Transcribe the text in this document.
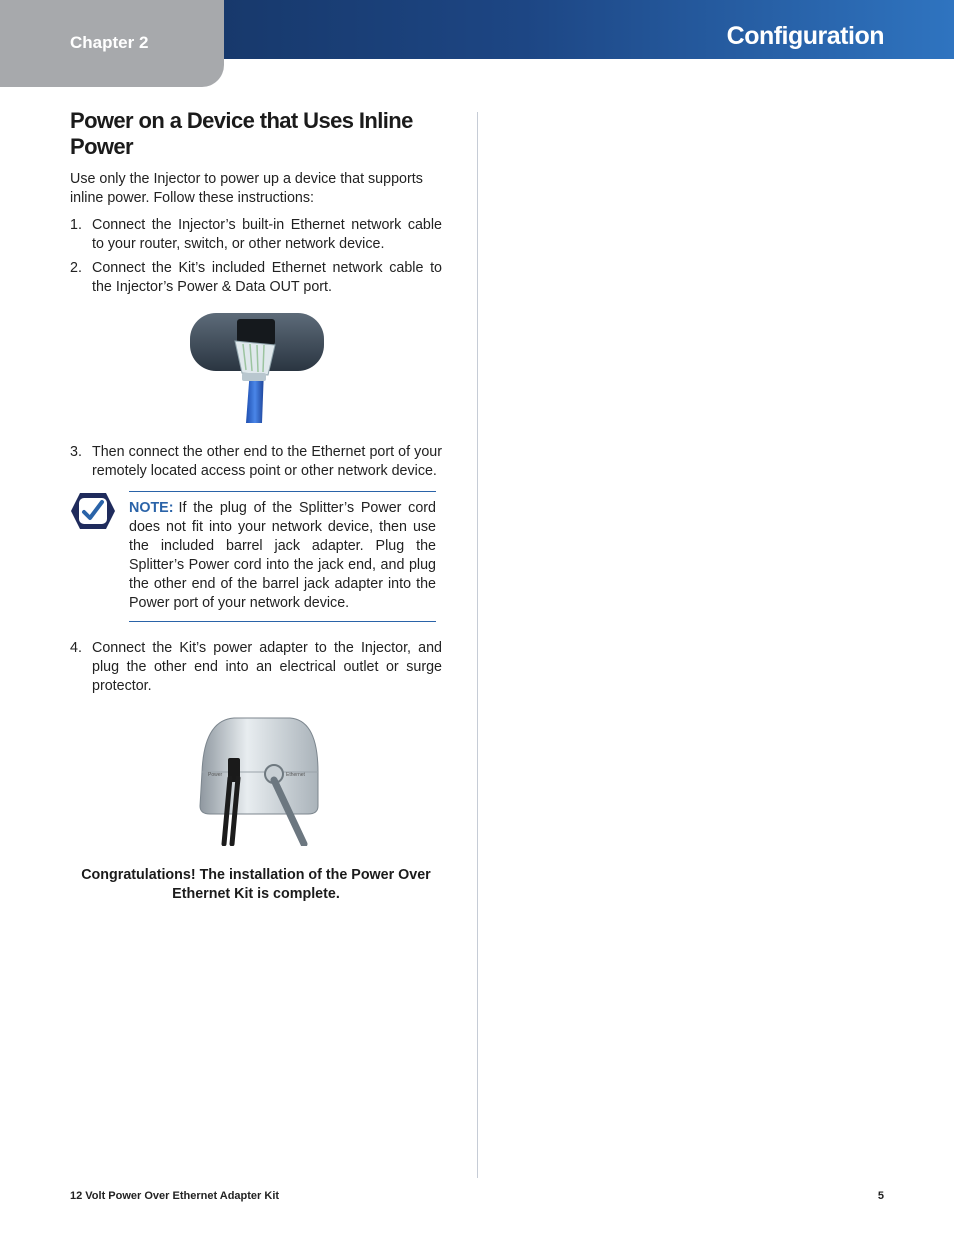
Chapter 2	Configuration
Power on a Device that Uses Inline Power

Use only the Injector to power up a device that supports inline power. Follow these instructions:

1. Connect the Injector’s built-in Ethernet network cable to your router, switch, or other network device.
2. Connect the Kit’s included Ethernet network cable to the Injector’s Power & Data OUT port.
3. Then connect the other end to the Ethernet port of your remotely located access point or other network device.
NOTE: If the plug of the Splitter’s Power cord does not fit into your network device, then use the included barrel jack adapter. Plug the Splitter’s Power cord into the jack end, and plug the other end of the barrel jack adapter into the Power port of your network device.
4. Connect the Kit’s power adapter to the Injector, and plug the other end into an electrical outlet or surge protector.
Power	Ethernet
Congratulations! The installation of the Power Over Ethernet Kit is complete.
12 Volt Power Over Ethernet Adapter Kit	5
